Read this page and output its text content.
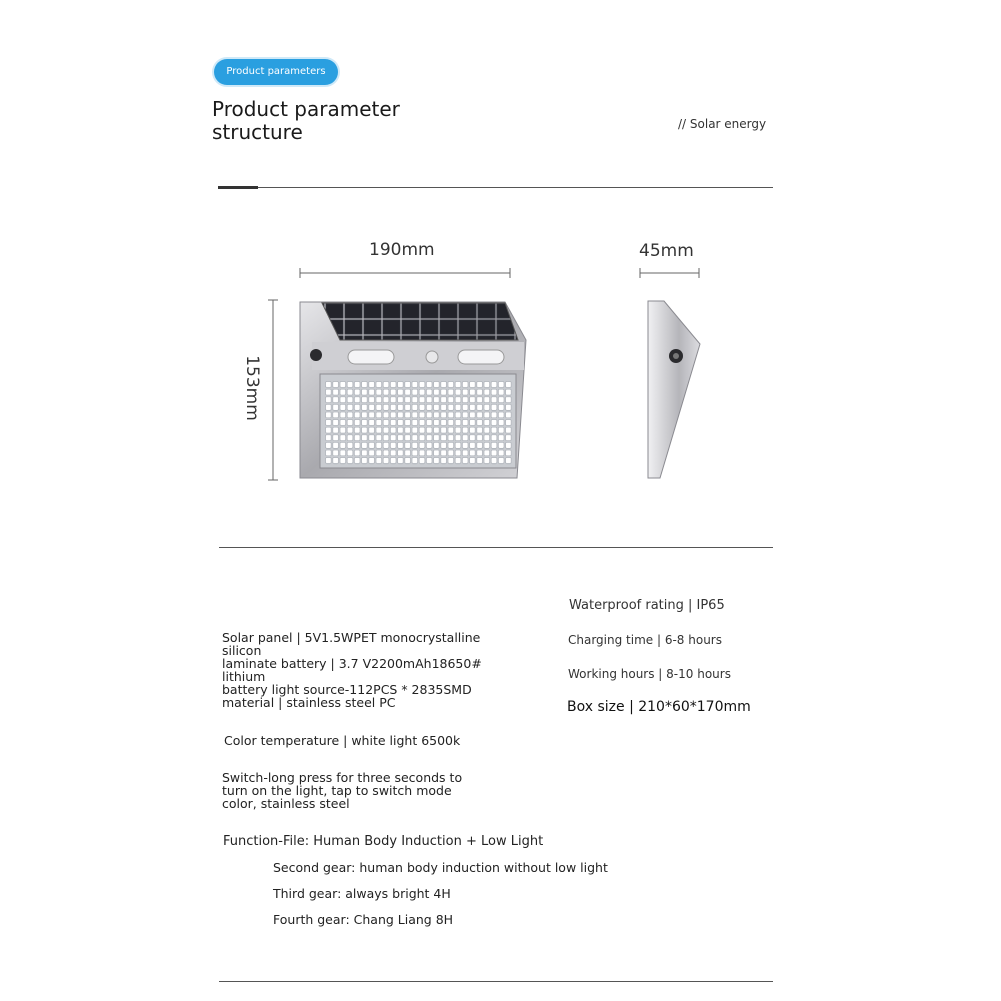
Product parameters
Product parameter structure	// Solar energy
190mm	45mm
153mm
Waterproof rating | IP65
Charging time | 6-8 hours
Working hours | 8-10 hours
Box size | 210*60*170mm
Solar panel | 5V1.5WPET monocrystalline silicon
laminate battery | 3.7 V2200mAh18650# lithium
battery light source-112PCS * 2835SMD
material | stainless steel PC
Color temperature | white light 6500k
Switch-long press for three seconds to
turn on the light, tap to switch mode
color, stainless steel
Function-File: Human Body Induction + Low Light
Second gear: human body induction without low light
Third gear: always bright 4H
Fourth gear: Chang Liang 8H
